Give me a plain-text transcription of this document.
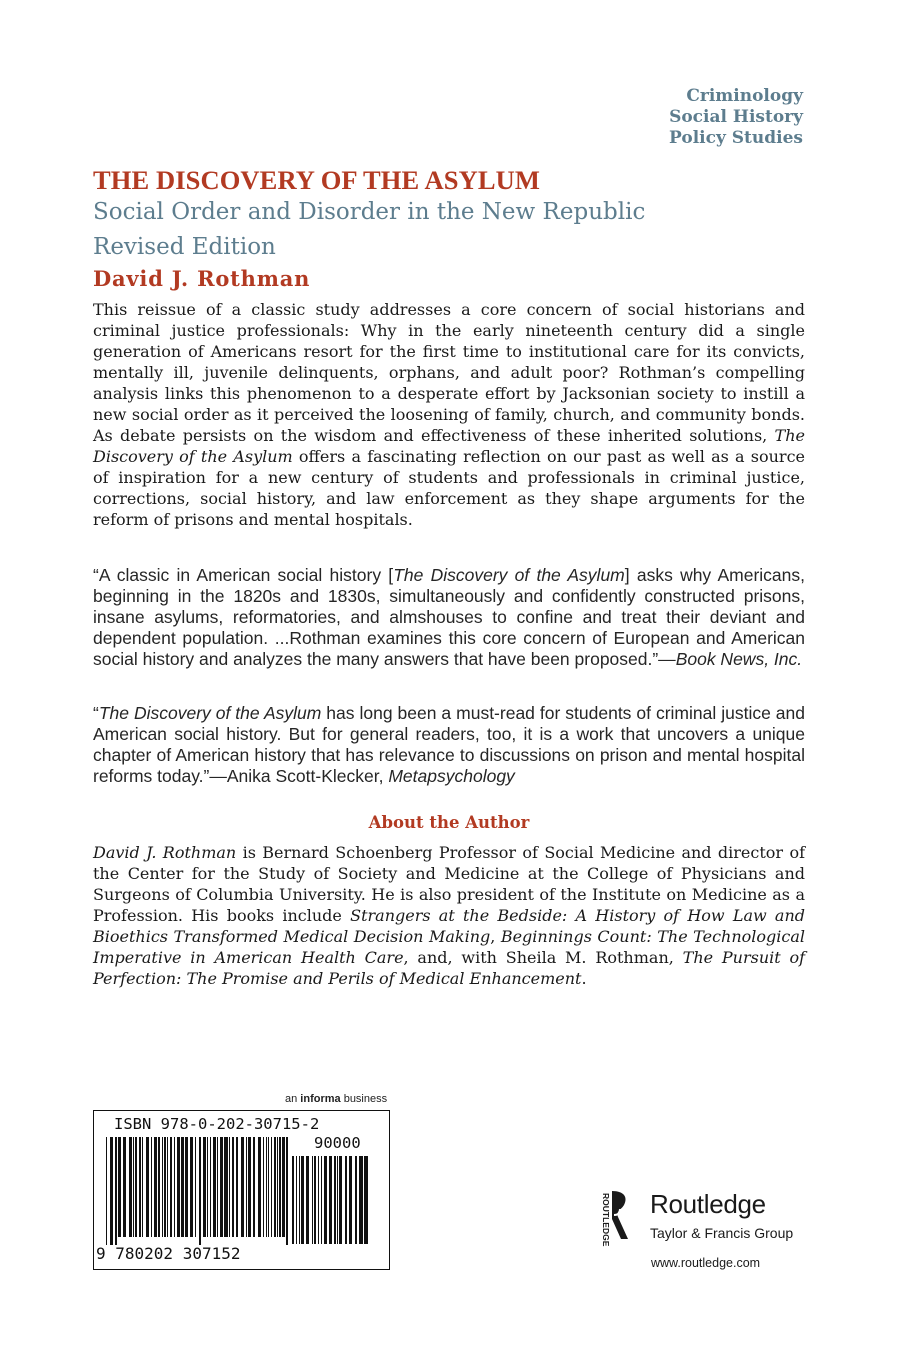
Criminology
Social History
Policy Studies
THE DISCOVERY OF THE ASYLUM
Social Order and Disorder in the New Republic
Revised Edition
David J. Rothman

This reissue of a classic study addresses a core concern of social historians and criminal justice professionals: Why in the early nineteenth century did a single generation of Americans resort for the first time to institutional care for its convicts, mentally ill, juvenile delinquents, orphans, and adult poor? Rothman’s compelling analysis links this phenomenon to a desperate effort by Jacksonian society to instill a new social order as it perceived the loosening of family, church, and community bonds. As debate persists on the wisdom and effectiveness of these inherited solutions, The Discovery of the Asylum offers a fascinating reflection on our past as well as a source of inspiration for a new century of students and professionals in criminal justice, corrections, social history, and law enforcement as they shape arguments for the reform of prisons and mental hospitals.

“A classic in American social history [The Discovery of the Asylum] asks why Americans, beginning in the 1820s and 1830s, simultaneously and confidently constructed prisons, insane asylums, reformatories, and almshouses to confine and treat their deviant and dependent population. ...Rothman examines this core concern of European and American social history and analyzes the many answers that have been proposed.”—Book News, Inc.

“The Discovery of the Asylum has long been a must-read for students of criminal justice and American social history. But for general readers, too, it is a work that uncovers a unique chapter of American history that has relevance to discussions on prison and mental hospital reforms today.”—Anika Scott-Klecker, Metapsychology

About the Author

David J. Rothman is Bernard Schoenberg Professor of Social Medicine and director of the Center for the Study of Society and Medicine at the College of Physicians and Surgeons of Columbia University. He is also president of the Institute on Medicine as a Profession. His books include Strangers at the Bedside: A History of How Law and Bioethics Transformed Medical Decision Making, Beginnings Count: The Technological Imperative in American Health Care, and, with Sheila M. Rothman, The Pursuit of Perfection: The Promise and Perils of Medical Enhancement.

an informa business
ISBN 978-0-202-30715-2
90000
9 780202 307152
ROUTLEDGE Routledge
Taylor & Francis Group
www.routledge.com
